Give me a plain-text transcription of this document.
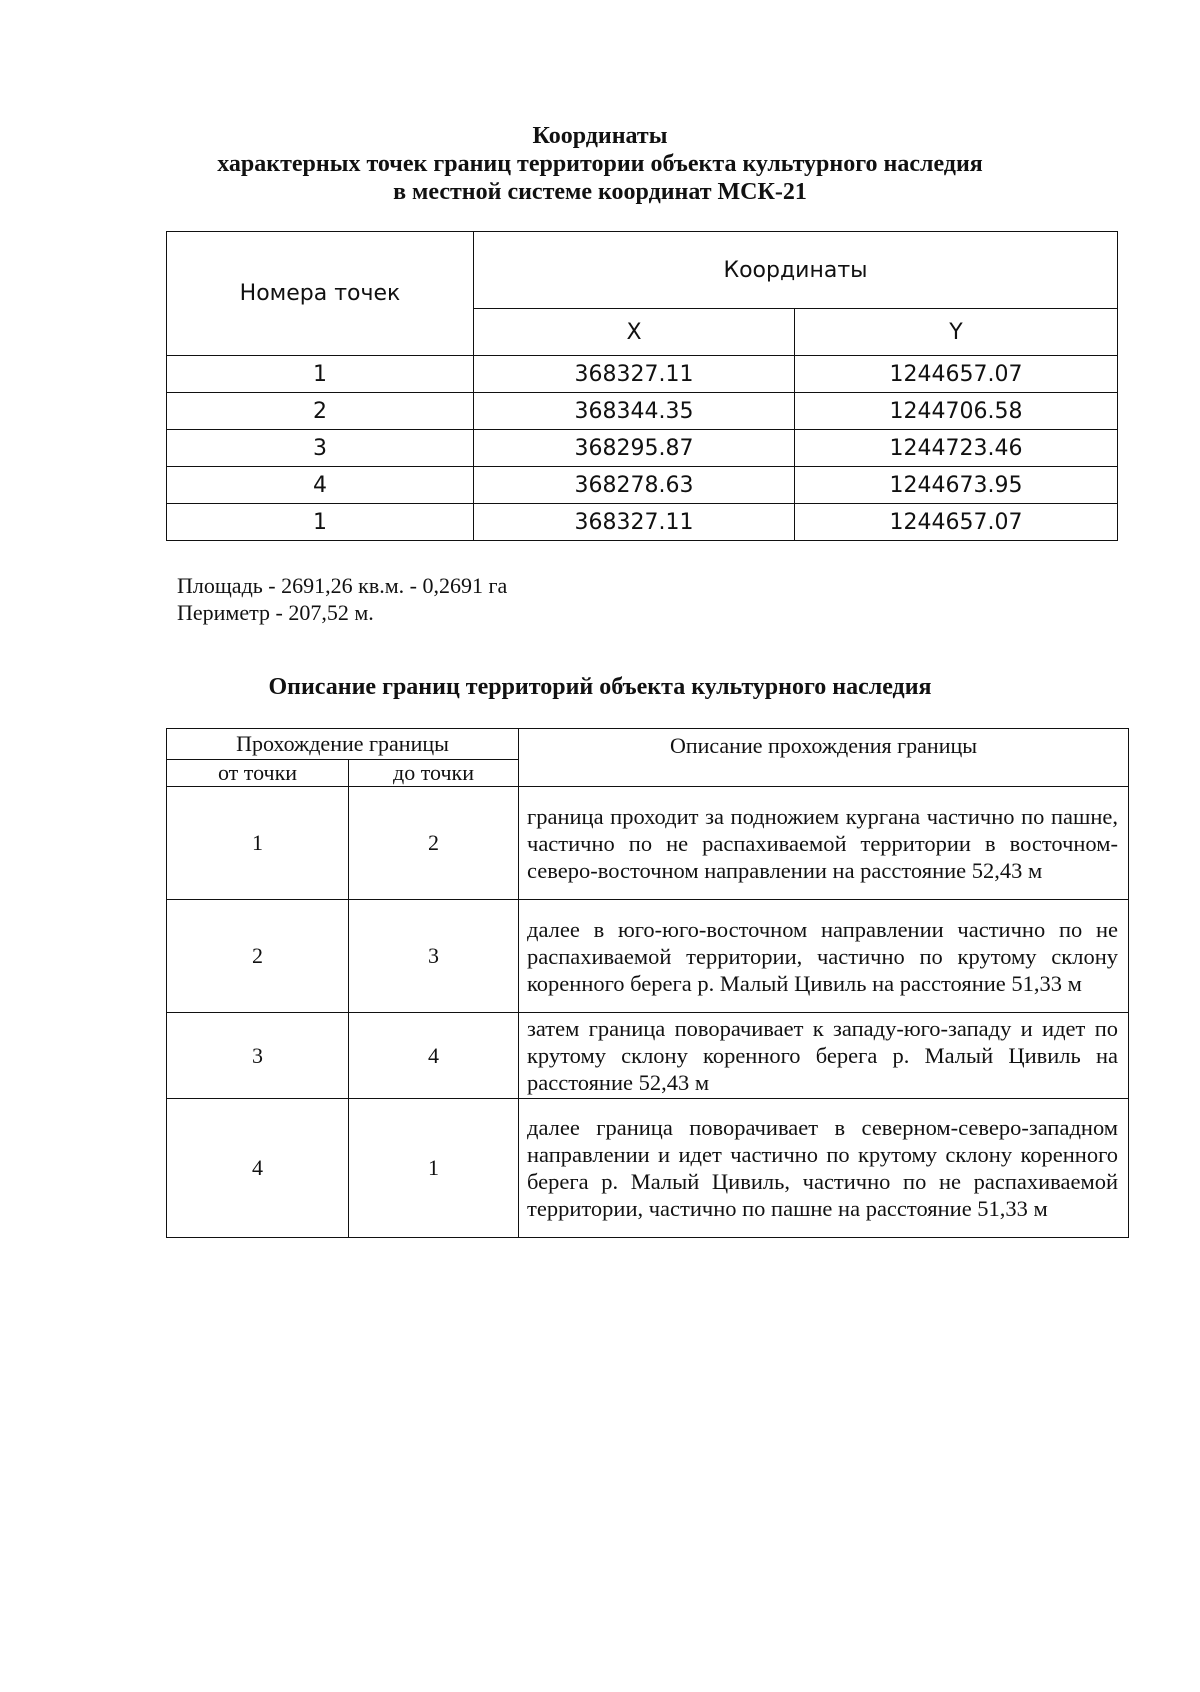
Координаты
характерных точек границ территории объекта культурного наследия
в местной системе координат МСК-21
Номера точек	Координаты	
	X	Y
1	368327.11	1244657.07
2	368344.35	1244706.58
3	368295.87	1244723.46
4	368278.63	1244673.95
1	368327.11	1244657.07
Площадь - 2691,26 кв.м. - 0,2691 га
Периметр - 207,52 м.
Описание границ территорий объекта культурного наследия
Прохождение границы		Описание прохождения границы
от точки	до точки	
1	2	граница проходит за подножием кургана частично по пашне, частично по не распахиваемой территории в восточном-северо-восточном направлении на расстояние 52,43 м
2	3	далее в юго-юго-восточном направлении частично по не распахиваемой территории, частично по крутому склону коренного берега р. Малый Цивиль на расстояние 51,33 м
3	4	затем граница поворачивает к западу-юго-западу и идет по крутому склону коренного берега р. Малый Цивиль на расстояние 52,43 м
4	1	далее граница поворачивает в северном-северо-западном направлении и идет частично по крутому склону коренного берега р. Малый Цивиль, частично по не распахиваемой территории, частично по пашне на расстояние 51,33 м
